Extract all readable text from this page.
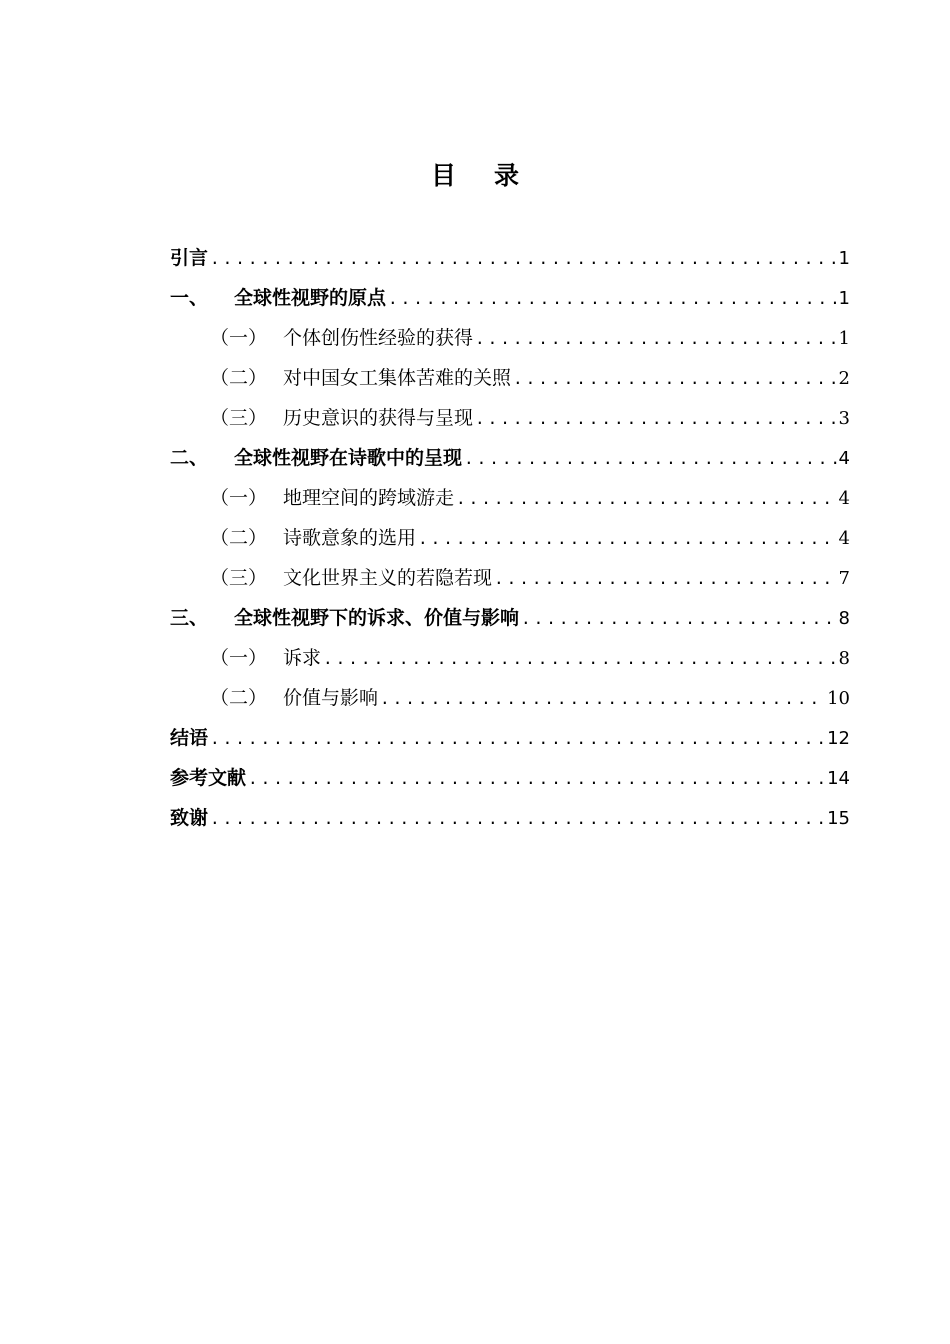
目录
引言 .....	1
一、 全球性视野的原点 .....	1
（一） 个体创伤性经验的获得 .....	1
（二） 对中国女工集体苦难的关照 .....	2
（三） 历史意识的获得与呈现 .....	3
二、 全球性视野在诗歌中的呈现 .....	4
（一） 地理空间的跨域游走 .....	4
（二） 诗歌意象的选用 .....	4
（三） 文化世界主义的若隐若现 .....	7
三、 全球性视野下的诉求、价值与影响 .....	8
（一） 诉求 .....	8
（二） 价值与影响 .....	10
结语 .....	12
参考文献 .....	14
致谢 .....	15
